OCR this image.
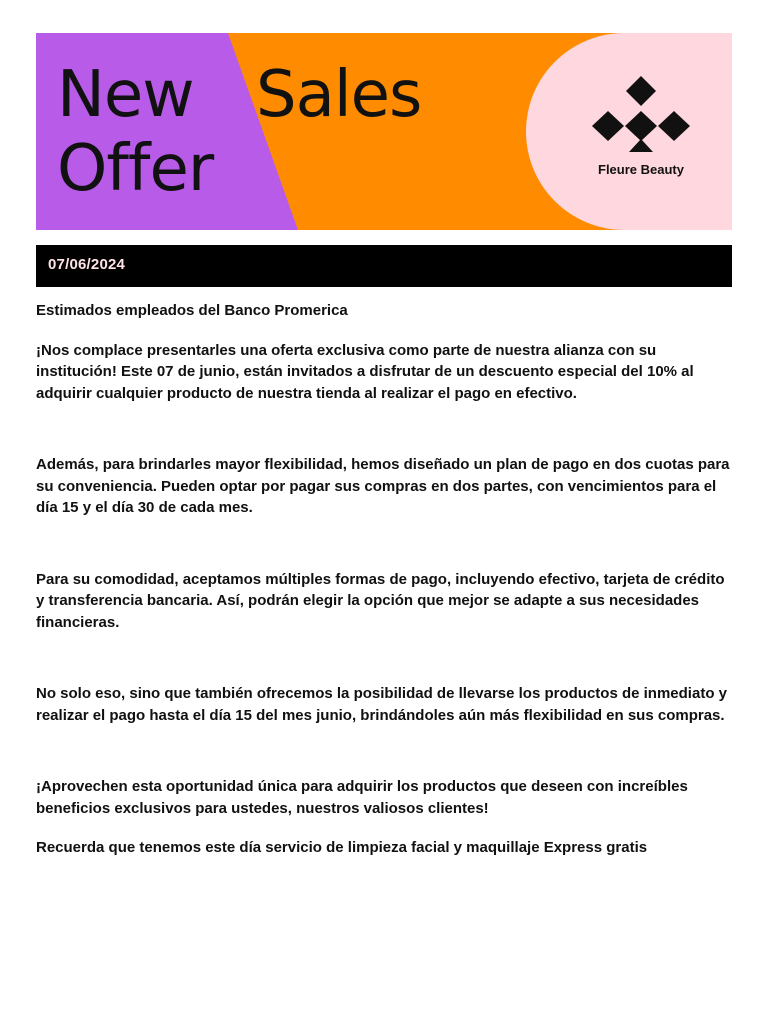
New Sales
Offer	Fleure Beauty
07/06/2024

Estimados empleados del Banco Promerica

¡Nos complace presentarles una oferta exclusiva como parte de nuestra alianza con su institución! Este 07 de junio, están invitados a disfrutar de un descuento especial del 10% al adquirir cualquier producto de nuestra tienda al realizar el pago en efectivo.

Además, para brindarles mayor flexibilidad, hemos diseñado un plan de pago en dos cuotas para su conveniencia. Pueden optar por pagar sus compras en dos partes, con vencimientos para el día 15 y el día 30 de cada mes.

Para su comodidad, aceptamos múltiples formas de pago, incluyendo efectivo, tarjeta de crédito y transferencia bancaria. Así, podrán elegir la opción que mejor se adapte a sus necesidades financieras.

No solo eso, sino que también ofrecemos la posibilidad de llevarse los productos de inmediato y realizar el pago hasta el día 15 del mes junio, brindándoles aún más flexibilidad en sus compras.

¡Aprovechen esta oportunidad única para adquirir los productos que deseen con increíbles beneficios exclusivos para ustedes, nuestros valiosos clientes!

Recuerda que tenemos este día servicio de limpieza facial y maquillaje Express gratis
